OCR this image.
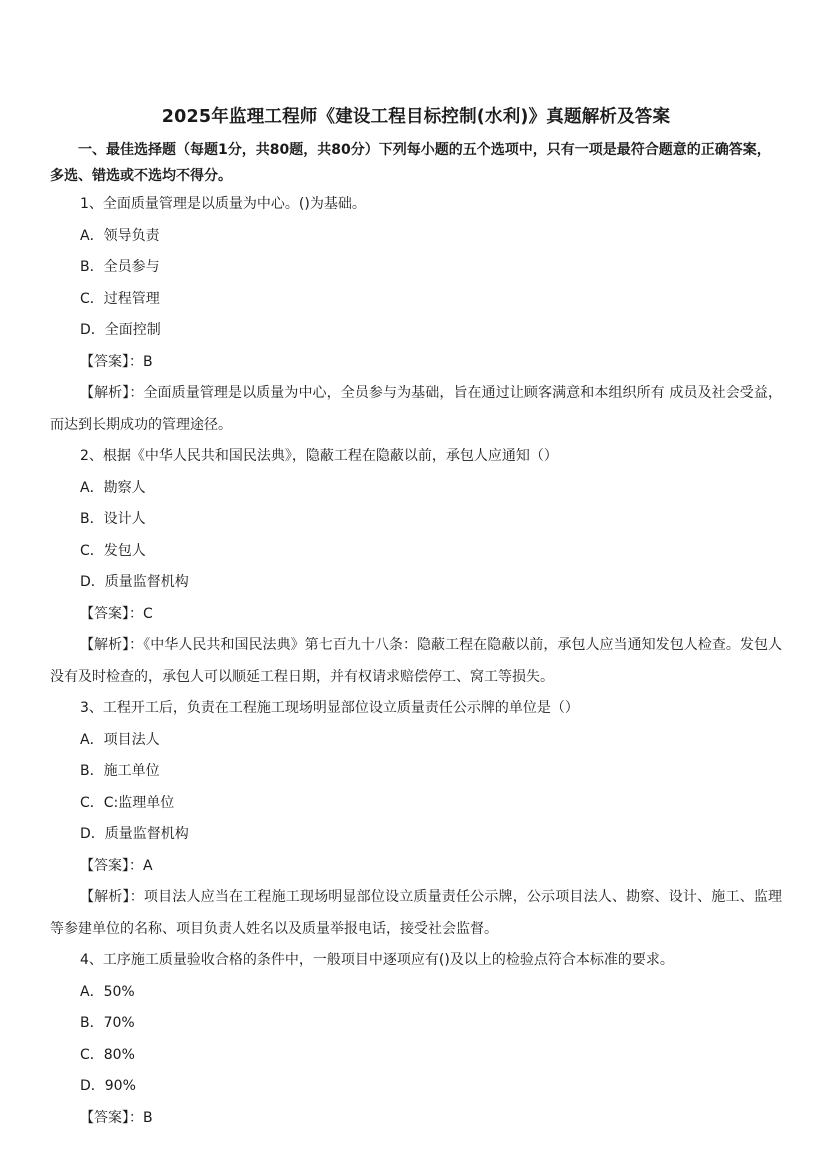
2025年监理工程师《建设工程目标控制(水利)》真题解析及答案
一、最佳选择题（每题1分，共80题，共80分）下列每小题的五个选项中，只有一项是最符合题意的正确答案，多选、错选或不选均不得分。
1、全面质量管理是以质量为中心。()为基础。
A．领导负责
B．全员参与
C．过程管理
D．全面控制
【答案】：B
【解析】：全面质量管理是以质量为中心，全员参与为基础，旨在通过让顾客满意和本组织所有 成员及社会受益，而达到长期成功的管理途径。
2、根据《中华人民共和国民法典》，隐蔽工程在隐蔽以前，承包人应通知（）
A．勘察人
B．设计人
C．发包人
D．质量监督机构
【答案】：C
【解析】：《中华人民共和国民法典》第七百九十八条：隐蔽工程在隐蔽以前，承包人应当通知发包人检查。发包人没有及时检查的，承包人可以顺延工程日期，并有权请求赔偿停工、窝工等损失。
3、工程开工后，负责在工程施工现场明显部位设立质量责任公示牌的单位是（）
A．项目法人
B．施工单位
C．C:监理单位
D．质量监督机构
【答案】：A
【解析】：项目法人应当在工程施工现场明显部位设立质量责任公示牌，公示项目法人、勘察、设计、施工、监理等参建单位的名称、项目负责人姓名以及质量举报电话，接受社会监督。
4、工序施工质量验收合格的条件中，一般项目中逐项应有()及以上的检验点符合本标准的要求。
A．50%
B．70%
C．80%
D．90%
【答案】：B
